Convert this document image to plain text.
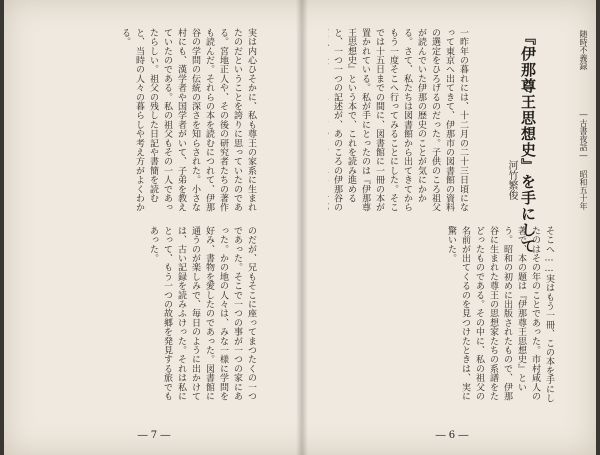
実は内心ひそかに、私も尊王の家系に生まれたのだということを誇りに思っていたのである。宮地正人や、その後の研究者たちの著作も読んだ。それらの本を読むにつれて、伊那谷の学問の伝統の深さを知らされた。小さな村にも、漢学者や国学者がいて、子弟を教えていたのである。私の祖父もその一人であったらしい。祖父の残した日記や書簡を読むと、当時の人々の暮らしや考え方がよくわかる。

のだが、兄もそこに座ってまつたくの一つであった。そこで一つの事が一つの家にあった。かの地の人々は、みな一様に学問を好み、書物を愛したのであった。図書館に通うのが楽しみで、毎日のように出かけては、古い記録を読みふけった。それは私にとって、もう一つの故郷を発見する旅でもあった。

― 7 ―
随時不義録
―古書夜話―
昭和五十年

『伊那尊王思想史』を手にして
河竹繁俊

一昨年の暮れには、十二月の二十三日頃になって東京へ出てきて、伊那市の図書館の資料の選定をひろげるのだった。子供のころ祖父が読んでいた伊那の歴史のことが気にかかる。さて、私たちは図書館から出てきてからもう一度そこへ行ってみることにした。そこでは十五日までの間に、図書館に一冊の本が置かれている。私が手にとったのは『伊那尊王思想史』という本で、これを読み進めると、一つ一つの記述が、あのころの伊那谷の

そこへ……実はもう一冊、この本を手にしたのはその年のことであった。市村咸人の著で、本の題は『伊那尊王思想史』という。昭和の初めに出版されたもので、伊那谷に生まれた尊王の思想家たちの系譜をたどったものである。その中に、私の祖父の名前が出てくるのを見つけたときは、実に驚いた。

― 6 ―
